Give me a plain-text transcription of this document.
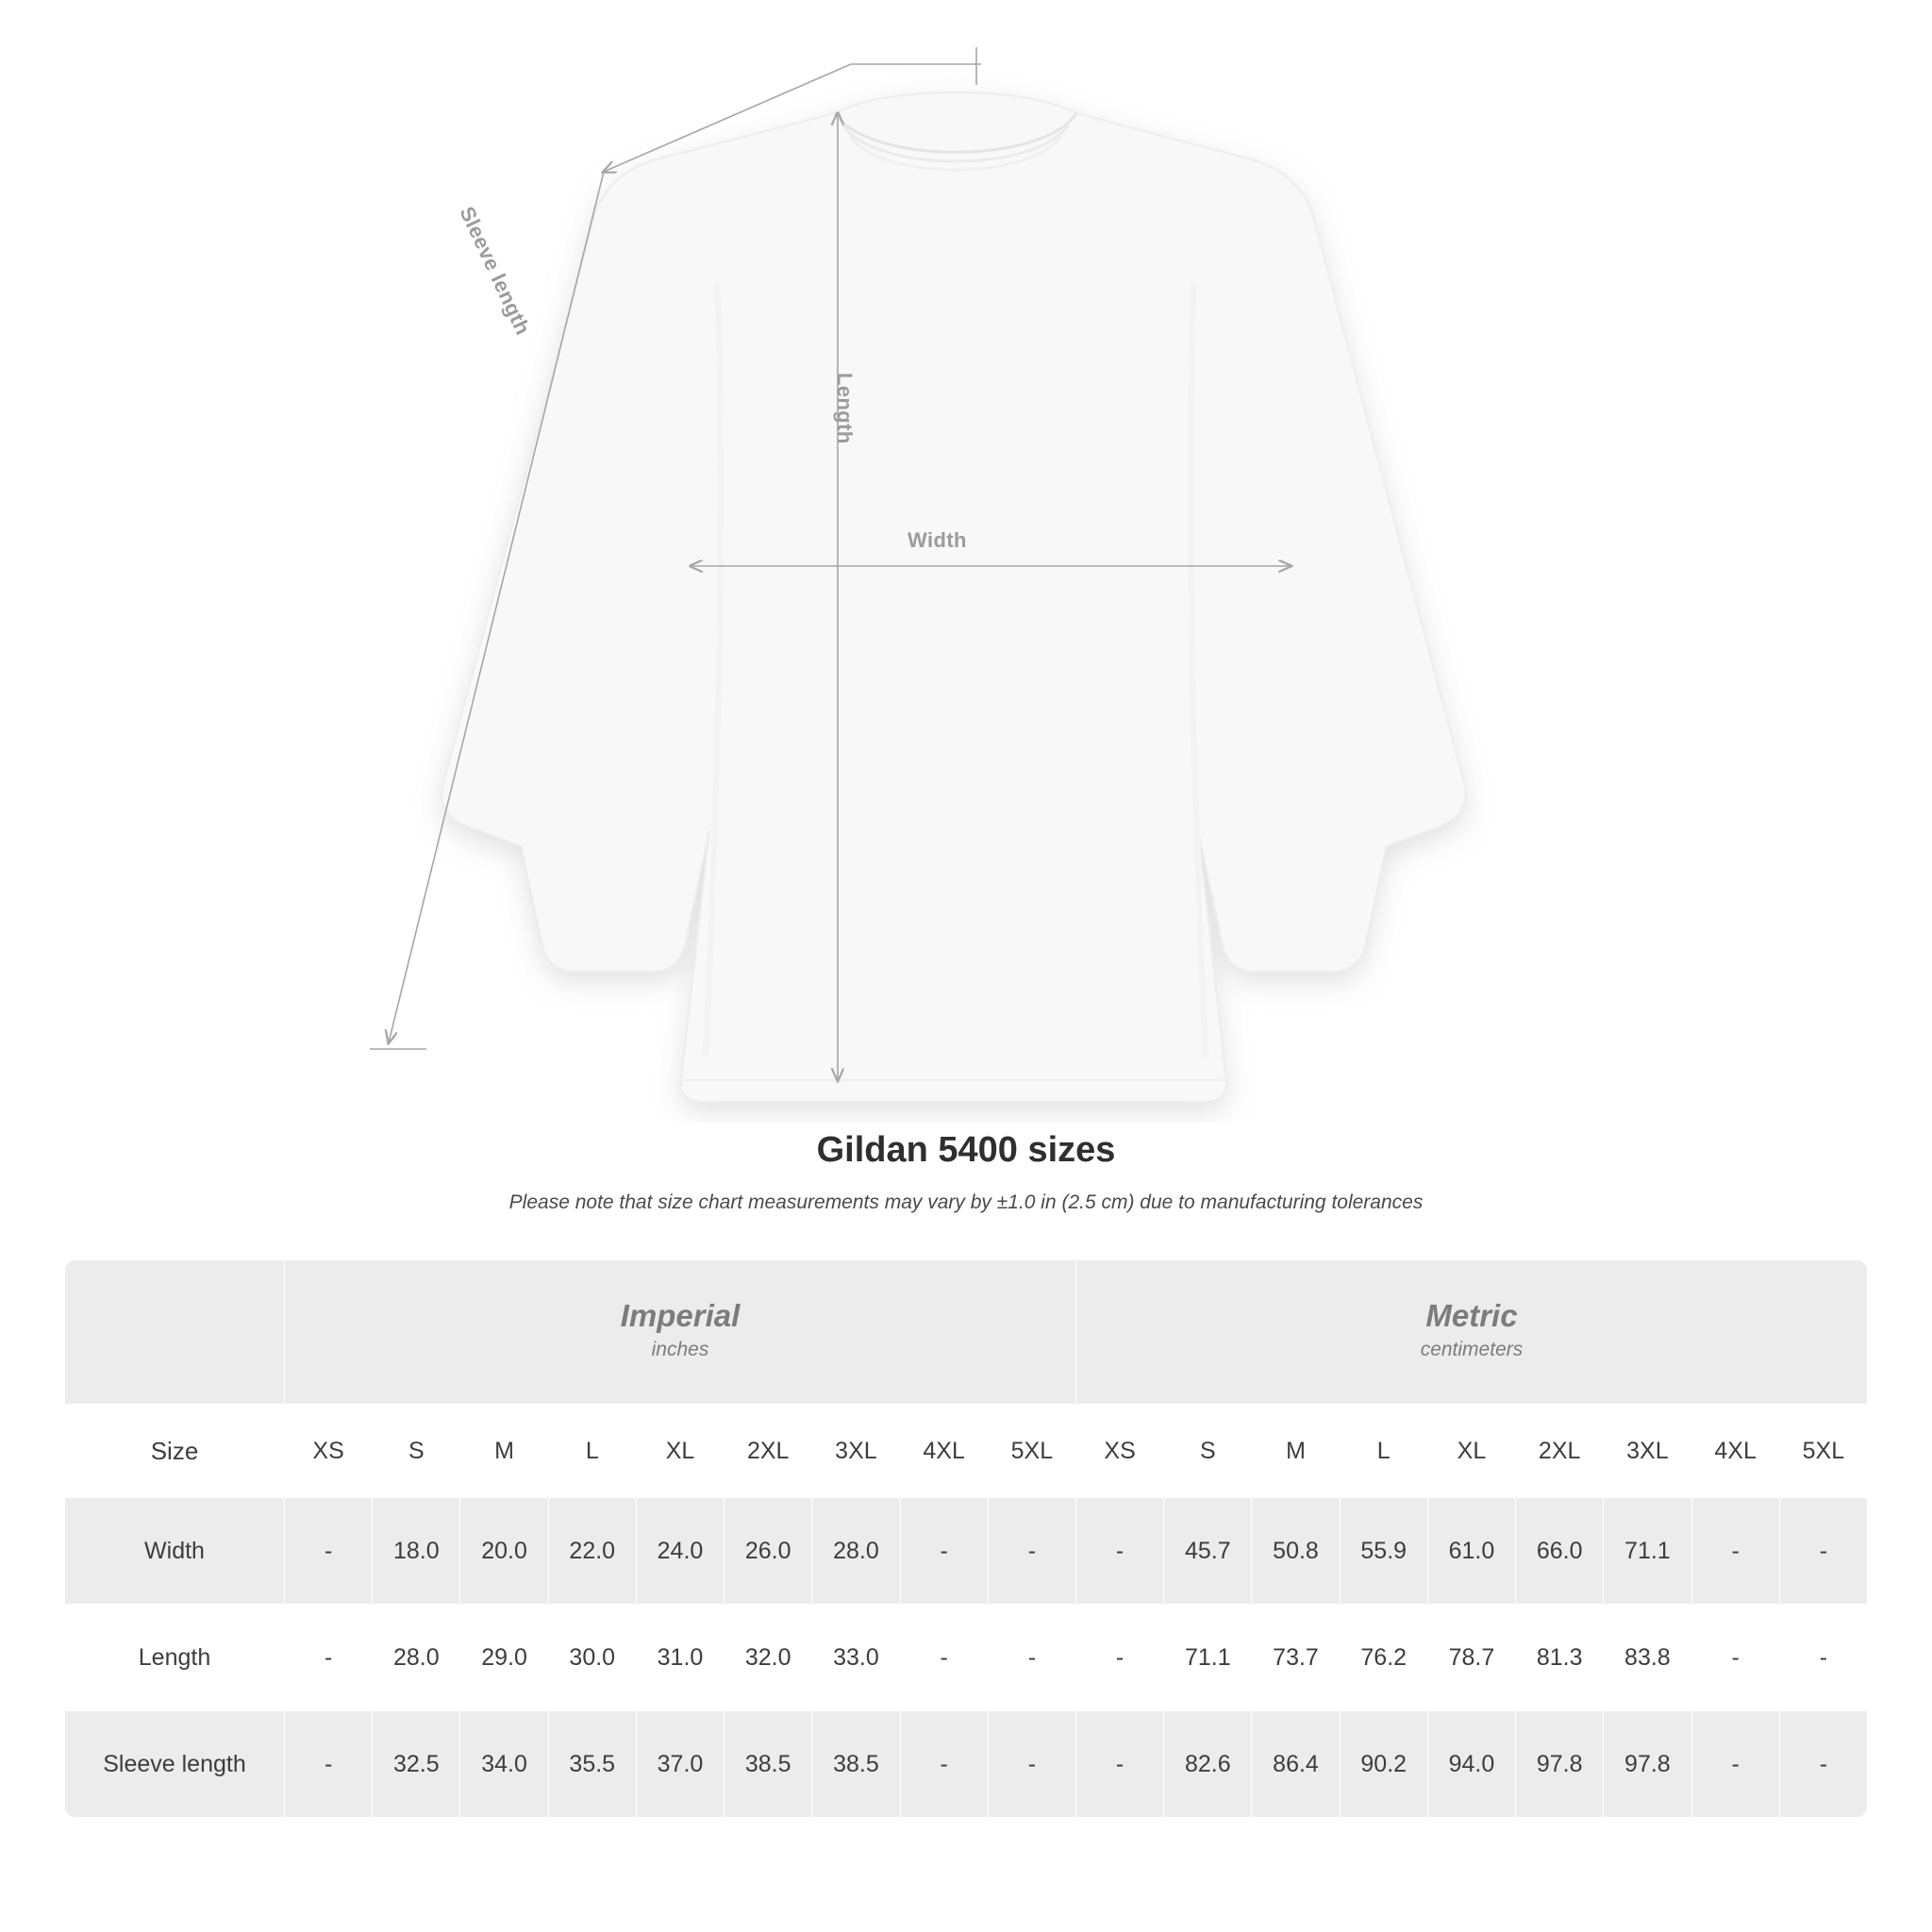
Sleeve length
Length
Width
Gildan 5400 sizes

Please note that size chart measurements may vary by ±1.0 in (2.5 cm) due to manufacturing tolerances

Imperial
inches

Metric
centimeters

Size	XS	S	M	L	XL	2XL	3XL	4XL	5XL	XS	S	M	L	XL	2XL	3XL	4XL	5XL
Width	-	18.0	20.0	22.0	24.0	26.0	28.0	-	-	-	45.7	50.8	55.9	61.0	66.0	71.1	-	-
Length	-	28.0	29.0	30.0	31.0	32.0	33.0	-	-	-	71.1	73.7	76.2	78.7	81.3	83.8	-	-
Sleeve length	-	32.5	34.0	35.5	37.0	38.5	38.5	-	-	-	82.6	86.4	90.2	94.0	97.8	97.8	-	-
